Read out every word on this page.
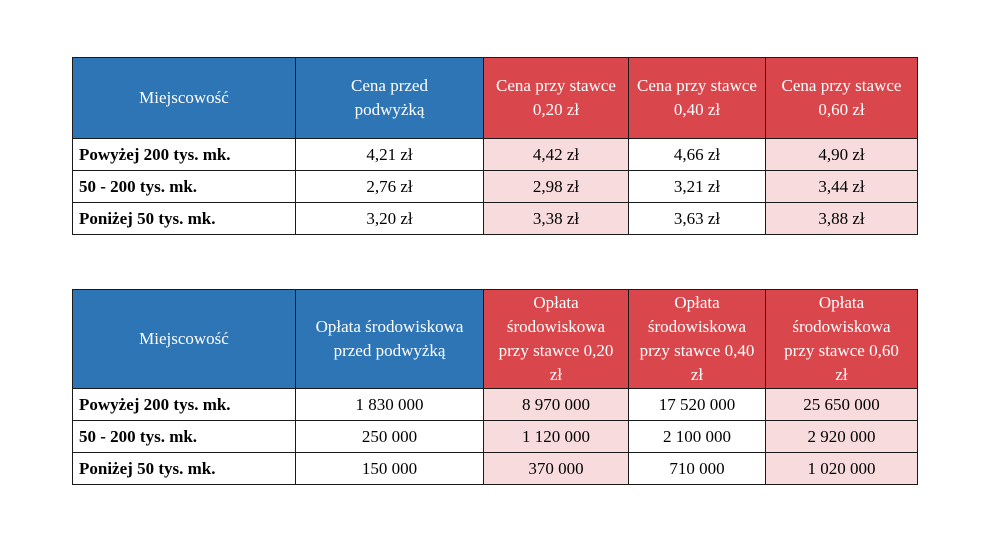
Miejscowość	Cena przed podwyżką	Cena przy stawce 0,20 zł	Cena przy stawce 0,40 zł	Cena przy stawce 0,60 zł
Powyżej 200 tys. mk.	4,21 zł	4,42 zł	4,66 zł	4,90 zł
50 - 200 tys. mk.	2,76 zł	2,98 zł	3,21 zł	3,44 zł
Poniżej 50 tys. mk.	3,20 zł	3,38 zł	3,63 zł	3,88 zł
Miejscowość	Opłata środowiskowa przed podwyżką	Opłata środowiskowa przy stawce 0,20 zł	Opłata środowiskowa przy stawce 0,40 zł	Opłata środowiskowa przy stawce 0,60 zł
Powyżej 200 tys. mk.	1 830 000	8 970 000	17 520 000	25 650 000
50 - 200 tys. mk.	250 000	1 120 000	2 100 000	2 920 000
Poniżej 50 tys. mk.	150 000	370 000	710 000	1 020 000
